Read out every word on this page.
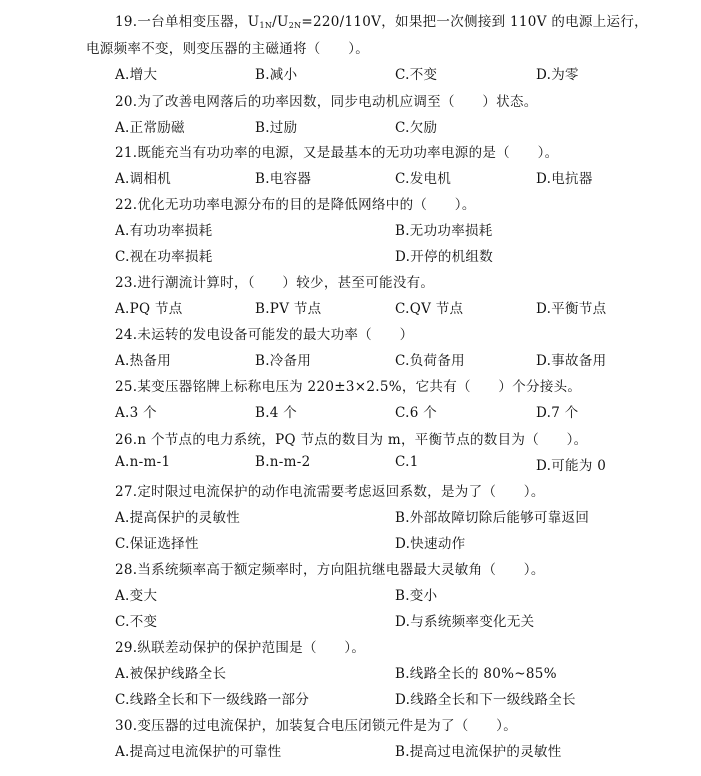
19.一台单相变压器，$U_{1N}/U_{2N}=220/110V$，如果把一次侧接到 110V 的电源上运行，
电源频率不变，则变压器的主磁通将（　　）。
A.增大	B.减小	C.不变	D.为零
20.为了改善电网落后的功率因数，同步电动机应调至（　　）状态。
A.正常励磁	B.过励	C.欠励
21.既能充当有功功率的电源，又是最基本的无功功率电源的是（　　）。
A.调相机	B.电容器	C.发电机	D.电抗器
22.优化无功功率电源分布的目的是降低网络中的（　　）。
A.有功功率损耗	B.无功功率损耗
C.视在功率损耗	D.开停的机组数
23.进行潮流计算时，（　　）较少，甚至可能没有。
A.PQ 节点	B.PV 节点	C.QV 节点	D.平衡节点
24.未运转的发电设备可能发的最大功率（　　）
A.热备用	B.冷备用	C.负荷备用	D.事故备用
25.某变压器铭牌上标称电压为 220±3×2.5%，它共有（　　）个分接头。
A.3 个	B.4 个	C.6 个	D.7 个
26.n 个节点的电力系统，PQ 节点的数目为 m，平衡节点的数目为（　　）。
A.n-m-1	B.n-m-2	C.1	D.可能为 0
27.定时限过电流保护的动作电流需要考虑返回系数，是为了（　　）。
A.提高保护的灵敏性	B.外部故障切除后能够可靠返回
C.保证选择性	D.快速动作
28.当系统频率高于额定频率时，方向阻抗继电器最大灵敏角（　　）。
A.变大	B.变小
C.不变	D.与系统频率变化无关
29.纵联差动保护的保护范围是（　　）。
A.被保护线路全长	B.线路全长的 80%~85%
C.线路全长和下一级线路一部分	D.线路全长和下一级线路全长
30.变压器的过电流保护，加装复合电压闭锁元件是为了（　　）。
A.提高过电流保护的可靠性	B.提高过电流保护的灵敏性
